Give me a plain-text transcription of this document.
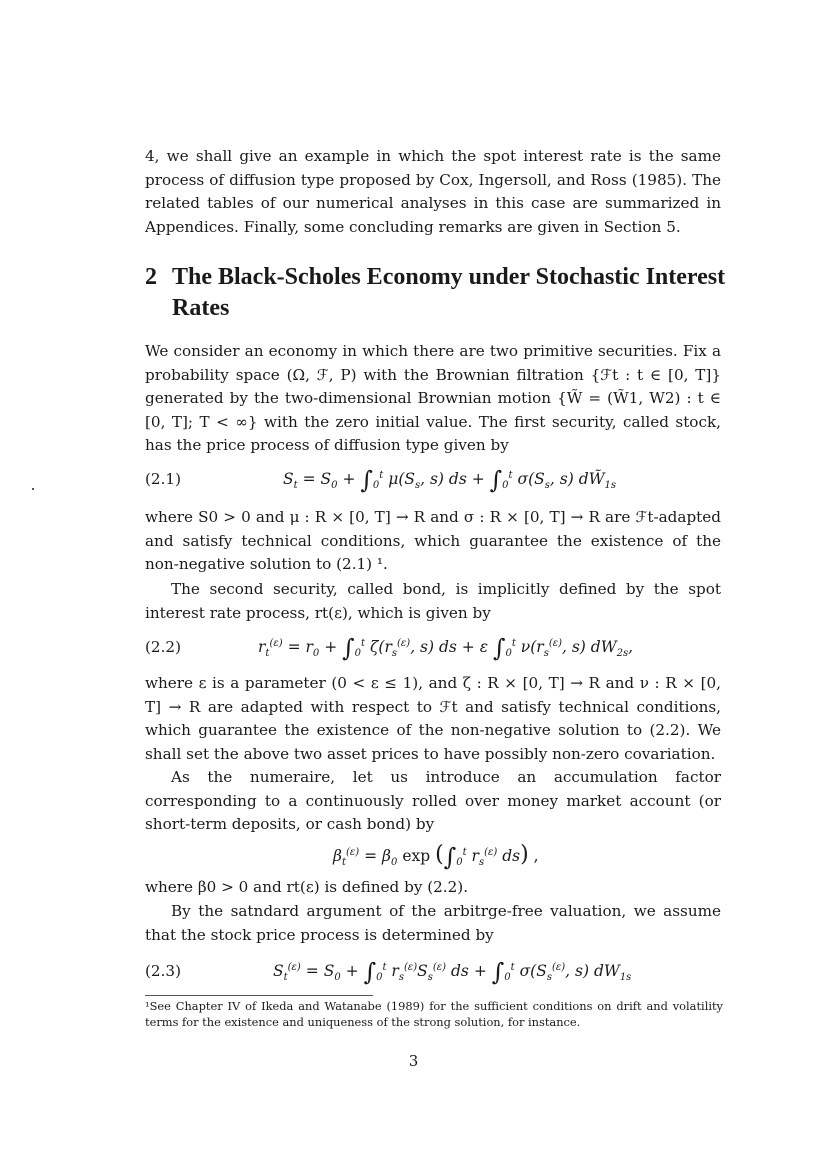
4, we shall give an example in which the spot interest rate is the same process of diffusion type proposed by Cox, Ingersoll, and Ross (1985). The related tables of our numerical analyses in this case are summarized in Appendices. Finally, some concluding remarks are given in Section 5.

2 The Black-Scholes Economy under Stochastic Interest Rates

We consider an economy in which there are two primitive securities. Fix a probability space (Ω, ℱ, P) with the Brownian filtration {ℱt : t ∈ [0, T]} generated by the two-dimensional Brownian motion {W̃ = (W̃1, W2) : t ∈ [0, T]; T < ∞} with the zero initial value. The first security, called stock, has the price process of diffusion type given by

(2.1)	$S_t = S_0 + \int_0^t$ $\mu(S_s$, s) ds + $\int_0^t$ $\sigma(S_s$, s) $dW̃_{1s}$

where S0 > 0 and μ : R × [0, T] → R and σ : R × [0, T] → R are ℱt-adapted and satisfy technical conditions, which guarantee the existence of the non-negative solution to (2.1) ¹.

The second security, called bond, is implicitly defined by the spot interest rate process, rt(ε), which is given by

(2.2)	$r_t^{(\varepsilon)} = r_0 + \int_0^t$ $\zeta(r_s^{(\varepsilon)}$, s) ds + ε $\int_0^t$ $\nu(r_s^{(\varepsilon)}$, s) $dW_{2s}$,

where ε is a parameter (0 < ε ≤ 1), and ζ : R × [0, T] → R and ν : R × [0, T] → R are adapted with respect to ℱt and satisfy technical conditions, which guarantee the existence of the non-negative solution to (2.2). We shall set the above two asset prices to have possibly non-zero covariation.

As the numeraire, let us introduce an accumulation factor corresponding to a continuously rolled over money market account (or short-term deposits, or cash bond) by

$\beta_t^{(\varepsilon)} = \beta_0$ $\exp (\int_0^t$ $r_s^{(\varepsilon)}$ ds) ,

where β0 > 0 and rt(ε) is defined by (2.2).

By the satndard argument of the arbitrge-free valuation, we assume that the stock price process is determined by

(2.3)	$S_t^{(\varepsilon)} = S_0 + \int_0^t$ $r_s^{(\varepsilon)}S_s^{(\varepsilon)}$ ds + $\int_0^t$ $\sigma(S_s^{(\varepsilon)}$, s) $dW_{1s}$

¹See Chapter IV of Ikeda and Watanabe (1989) for the sufficient conditions on drift and volatility terms for the existence and uniqueness of the strong solution, for instance.

3
